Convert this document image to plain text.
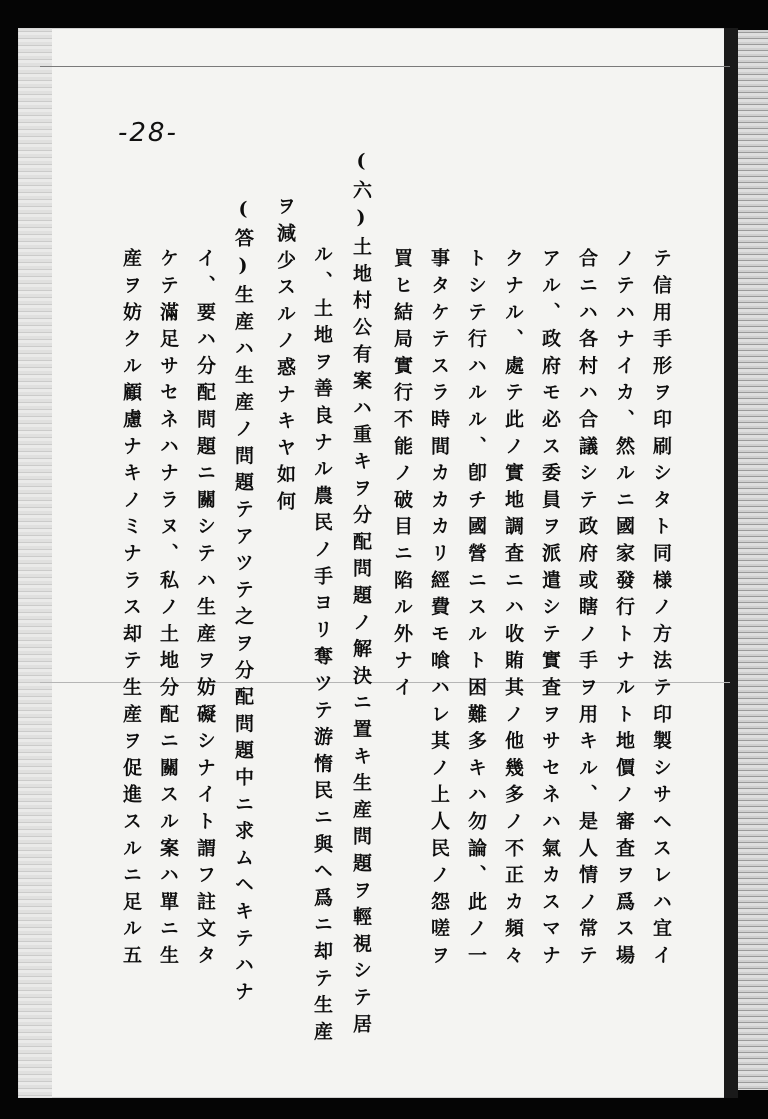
-28-
テ信用手形ヲ印刷シタト同様ノ方法テ印製シサヘスレハ宜イ
ノテハナイカ、然ルニ國家發行トナルト地價ノ審査ヲ爲ス場
合ニハ各村ハ合議シテ政府或瞎ノ手ヲ用キル、是人情ノ常テ
アル、政府モ必ス委員ヲ派遣シテ實査ヲサセネハ氣カスマナ
クナル、處テ此ノ實地調査ニハ收賄其ノ他幾多ノ不正カ頻々
トシテ行ハルル、卽チ國營ニスルト困難多キハ勿論、此ノ一
事タケテスラ時間カカカリ經費モ喰ハレ其ノ上人民ノ怨嗟ヲ
買ヒ結局實行不能ノ破目ニ陷ル外ナイ
(六)土地村公有案ハ重キヲ分配問題ノ解決ニ置キ生産問題ヲ輕視シテ居
ル、土地ヲ善良ナル農民ノ手ヨリ奪ツテ游惰民ニ與ヘ爲ニ却テ生産
ヲ減少スルノ惑ナキヤ如何
(答)生産ハ生産ノ問題テアツテ之ヲ分配問題中ニ求ムヘキテハナ
イ、要ハ分配問題ニ關シテハ生産ヲ妨礙シナイト謂フ註文タ
ケテ滿足サセネハナラヌ、私ノ土地分配ニ關スル案ハ單ニ生
産ヲ妨クル顧慮ナキノミナラス却テ生産ヲ促進スルニ足ル五
